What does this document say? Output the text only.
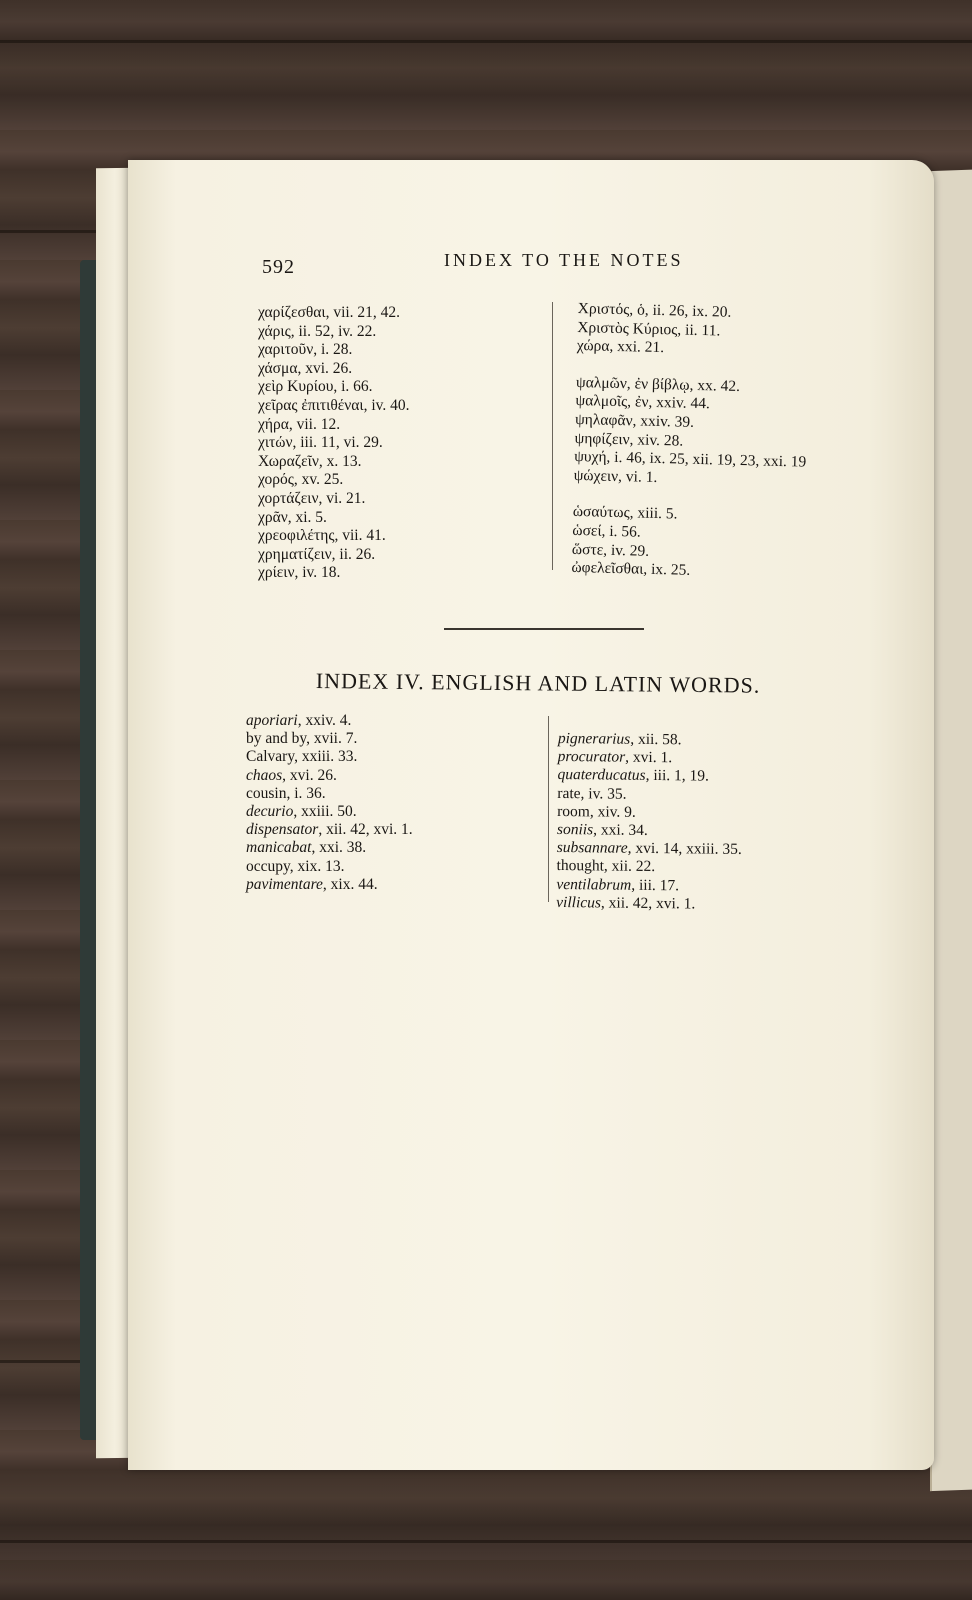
592	INDEX TO THE NOTES
χαρίζεσθαι, vii. 21, 42.
χάρις, ii. 52, iv. 22.
χαριτοῦν, i. 28.
χάσμα, xvi. 26.
χεὶρ Κυρίου, i. 66.
χεῖρας ἐπιτιθέναι, iv. 40.
χήρα, vii. 12.
χιτών, iii. 11, vi. 29.
Χωραζεῖν, x. 13.
χορός, xv. 25.
χορτάζειν, vi. 21.
χρᾶν, xi. 5.
χρεοφιλέτης, vii. 41.
χρηματίζειν, ii. 26.
χρίειν, iv. 18.
Χριστός, ὁ, ii. 26, ix. 20.
Χριστὸς Κύριος, ii. 11.
χώρα, xxi. 21.
ψαλμῶν, ἐν βίβλῳ, xx. 42.
ψαλμοῖς, ἐν, xxiv. 44.
ψηλαφᾶν, xxiv. 39.
ψηφίζειν, xiv. 28.
ψυχή, i. 46, ix. 25, xii. 19, 23, xxi. 19
ψώχειν, vi. 1.
ὡσαύτως, xiii. 5.
ὡσεί, i. 56.
ὥστε, iv. 29.
ὠφελεῖσθαι, ix. 25.
INDEX IV. ENGLISH AND LATIN WORDS.
aporiari, xxiv. 4.
by and by, xvii. 7.
Calvary, xxiii. 33.
chaos, xvi. 26.
cousin, i. 36.
decurio, xxiii. 50.
dispensator, xii. 42, xvi. 1.
manicabat, xxi. 38.
occupy, xix. 13.
pavimentare, xix. 44.
pignerarius, xii. 58.
procurator, xvi. 1.
quaterducatus, iii. 1, 19.
rate, iv. 35.
room, xiv. 9.
soniis, xxi. 34.
subsannare, xvi. 14, xxiii. 35.
thought, xii. 22.
ventilabrum, iii. 17.
villicus, xii. 42, xvi. 1.
